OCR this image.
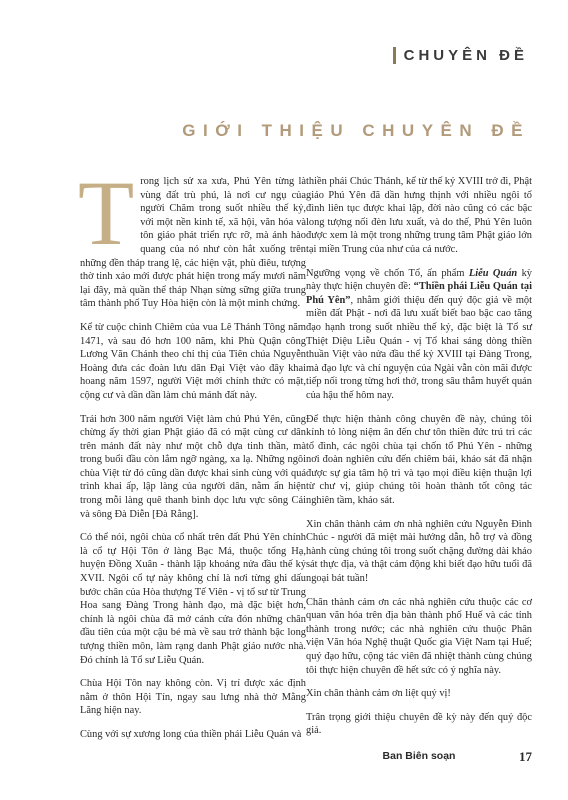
CHUYÊN ĐỀ
GIỚI THIỆU CHUYÊN ĐỀ

Trong lịch sử xa xưa, Phú Yên từng là vùng đất trù phú, là nơi cư ngụ của người Chăm trong suốt nhiều thế kỷ, với một nền kinh tế, xã hội, văn hóa và tôn giáo phát triển rực rỡ, mà ánh hào quang của nó như còn hắt xuống trên những đền tháp trang lệ, các hiện vật, phù điêu, tượng thờ tinh xảo mới được phát hiện trong mấy mươi năm lại đây, mà quần thể tháp Nhạn sừng sững giữa trung tâm thành phố Tuy Hòa hiện còn là một minh chứng.

Kể từ cuộc chinh Chiêm của vua Lê Thánh Tông năm 1471, và sau đó hơn 100 năm, khi Phù Quận công Lương Văn Chánh theo chỉ thị của Tiên chúa Nguyễn Hoàng đưa các đoàn lưu dân Đại Việt vào đây khai hoang năm 1597, người Việt mới chính thức có mặt, cộng cư và dần dần làm chủ mảnh đất này.

Trải hơn 300 năm người Việt làm chủ Phú Yên, cũng chừng ấy thời gian Phật giáo đã có mặt cùng cư dân trên mảnh đất này như một chỗ dựa tinh thần, mà trong buổi đầu còn lắm ngỡ ngàng, xa lạ. Những ngôi chùa Việt từ đó cũng dần được khai sinh cùng với quá trình khai ấp, lập làng của người dân, nằm ẩn hiện trong mỗi làng quê thanh bình dọc lưu vực sông Cái và sông Đà Diễn [Đà Rằng].

Có thể nói, ngôi chùa cổ nhất trên đất Phú Yên chính là cổ tự Hội Tôn ở làng Bạc Má, thuộc tổng Hạ, huyện Đồng Xuân - thành lập khoảng nửa đầu thế kỷ XVII. Ngôi cổ tự này không chỉ là nơi từng ghi dấu bước chân của Hòa thượng Tế Viên - vị tổ sư từ Trung Hoa sang Đàng Trong hành đạo, mà đặc biệt hơn, chính là ngôi chùa đã mở cánh cửa đón những chân đầu tiên của một cậu bé mà về sau trở thành bậc long tượng thiền môn, làm rạng danh Phật giáo nước nhà. Đó chính là Tổ sư Liễu Quán.

Chùa Hội Tôn nay không còn. Vị trí được xác định nằm ở thôn Hội Tín, ngay sau lưng nhà thờ Mằng Lăng hiện nay.

Cùng với sự xương long của thiền phái Liễu Quán và

thiền phái Chúc Thánh, kể từ thế kỷ XVIII trở đi, Phật giáo Phú Yên đã dần hưng thịnh với nhiều ngôi tổ đình liên tục được khai lập, đời nào cũng có các bậc long tượng nối đèn lưu xuất, và do thế, Phú Yên luôn được xem là một trong những trung tâm Phật giáo lớn tại miền Trung của như của cả nước.

Ngưỡng vọng về chốn Tổ, ấn phẩm Liễu Quán kỳ này thực hiện chuyên đề: “Thiền phái Liễu Quán tại Phú Yên”, nhằm giới thiệu đến quý độc giả về một miền đất Phật - nơi đã lưu xuất biết bao bậc cao tăng đạo hạnh trong suốt nhiều thế kỷ, đặc biệt là Tổ sư Thiệt Diệu Liễu Quán - vị Tổ khai sáng dòng thiền thuần Việt vào nửa đầu thế kỷ XVIII tại Đàng Trong, mà đạo lực và chí nguyện của Ngài vẫn còn mãi được tiếp nối trong từng hơi thở, trong sâu thẳm huyết quản của hậu thế hôm nay.

Để thực hiện thành công chuyên đề này, chúng tôi kính tỏ lòng niệm ân đến chư tôn thiền đức trú trì các tổ đình, các ngôi chùa tại chốn tổ Phú Yên - những nơi đoàn nghiên cứu đến chiêm bái, khảo sát đã nhận được sự gia tâm hộ trì và tạo mọi điều kiện thuận lợi từ chư vị, giúp chúng tôi hoàn thành tốt công tác nghiên tầm, khảo sát.

Xin chân thành cảm ơn nhà nghiên cứu Nguyễn Đình Chúc - người đã miệt mài hướng dẫn, hỗ trợ và đồng hành cùng chúng tôi trong suốt chặng đường dài khảo sát thực địa, và thật cảm động khi biết đạo hữu tuổi đã ngoại bát tuần!

Chân thành cảm ơn các nhà nghiên cứu thuộc các cơ quan văn hóa trên địa bàn thành phố Huế và các tỉnh thành trong nước; các nhà nghiên cứu thuộc Phân viện Văn hóa Nghệ thuật Quốc gia Việt Nam tại Huế; quý đạo hữu, cộng tác viên đã nhiệt thành cùng chúng tôi thực hiện chuyên đề hết sức có ý nghĩa này.

Xin chân thành cảm ơn liệt quý vị!

Trân trọng giới thiệu chuyên đề kỳ này đến quý độc giả.

Ban Biên soạn	17
